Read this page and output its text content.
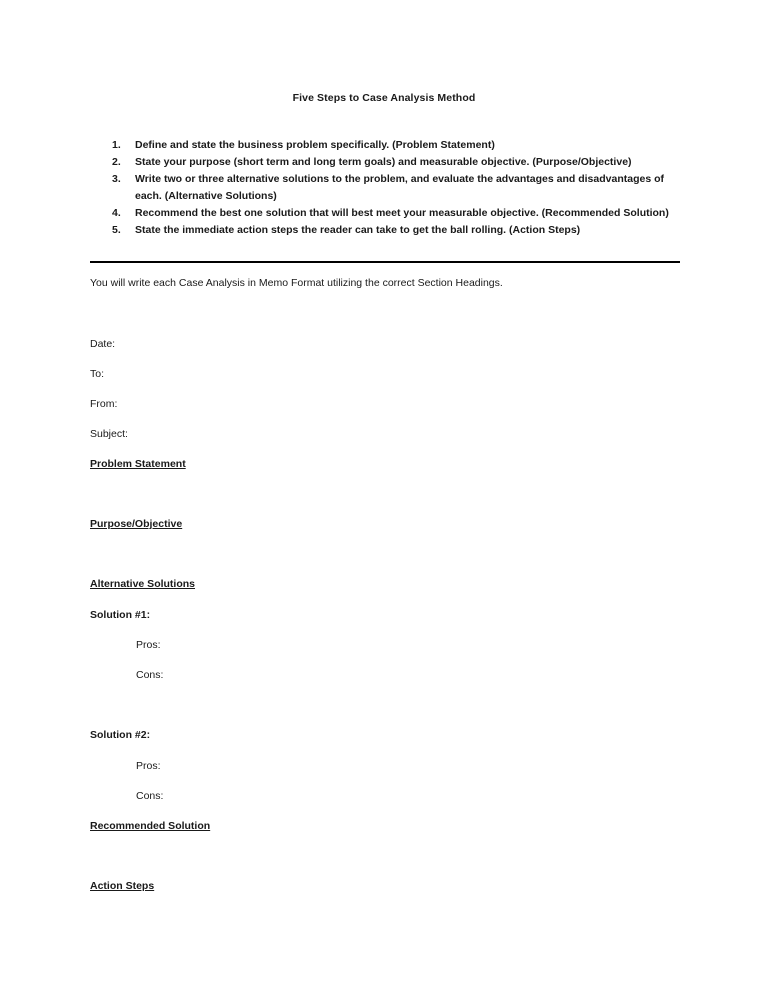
Five Steps to Case Analysis Method
1. Define and state the business problem specifically. (Problem Statement)
2. State your purpose (short term and long term goals) and measurable objective. (Purpose/Objective)
3. Write two or three alternative solutions to the problem, and evaluate the advantages and disadvantages of each. (Alternative Solutions)
4. Recommend the best one solution that will best meet your measurable objective. (Recommended Solution)
5. State the immediate action steps the reader can take to get the ball rolling. (Action Steps)
You will write each Case Analysis in Memo Format utilizing the correct Section Headings.
Date:
To:
From:
Subject:
Problem Statement
Purpose/Objective
Alternative Solutions
Solution #1:
Pros:
Cons:
Solution #2:
Pros:
Cons:
Recommended Solution
Action Steps
